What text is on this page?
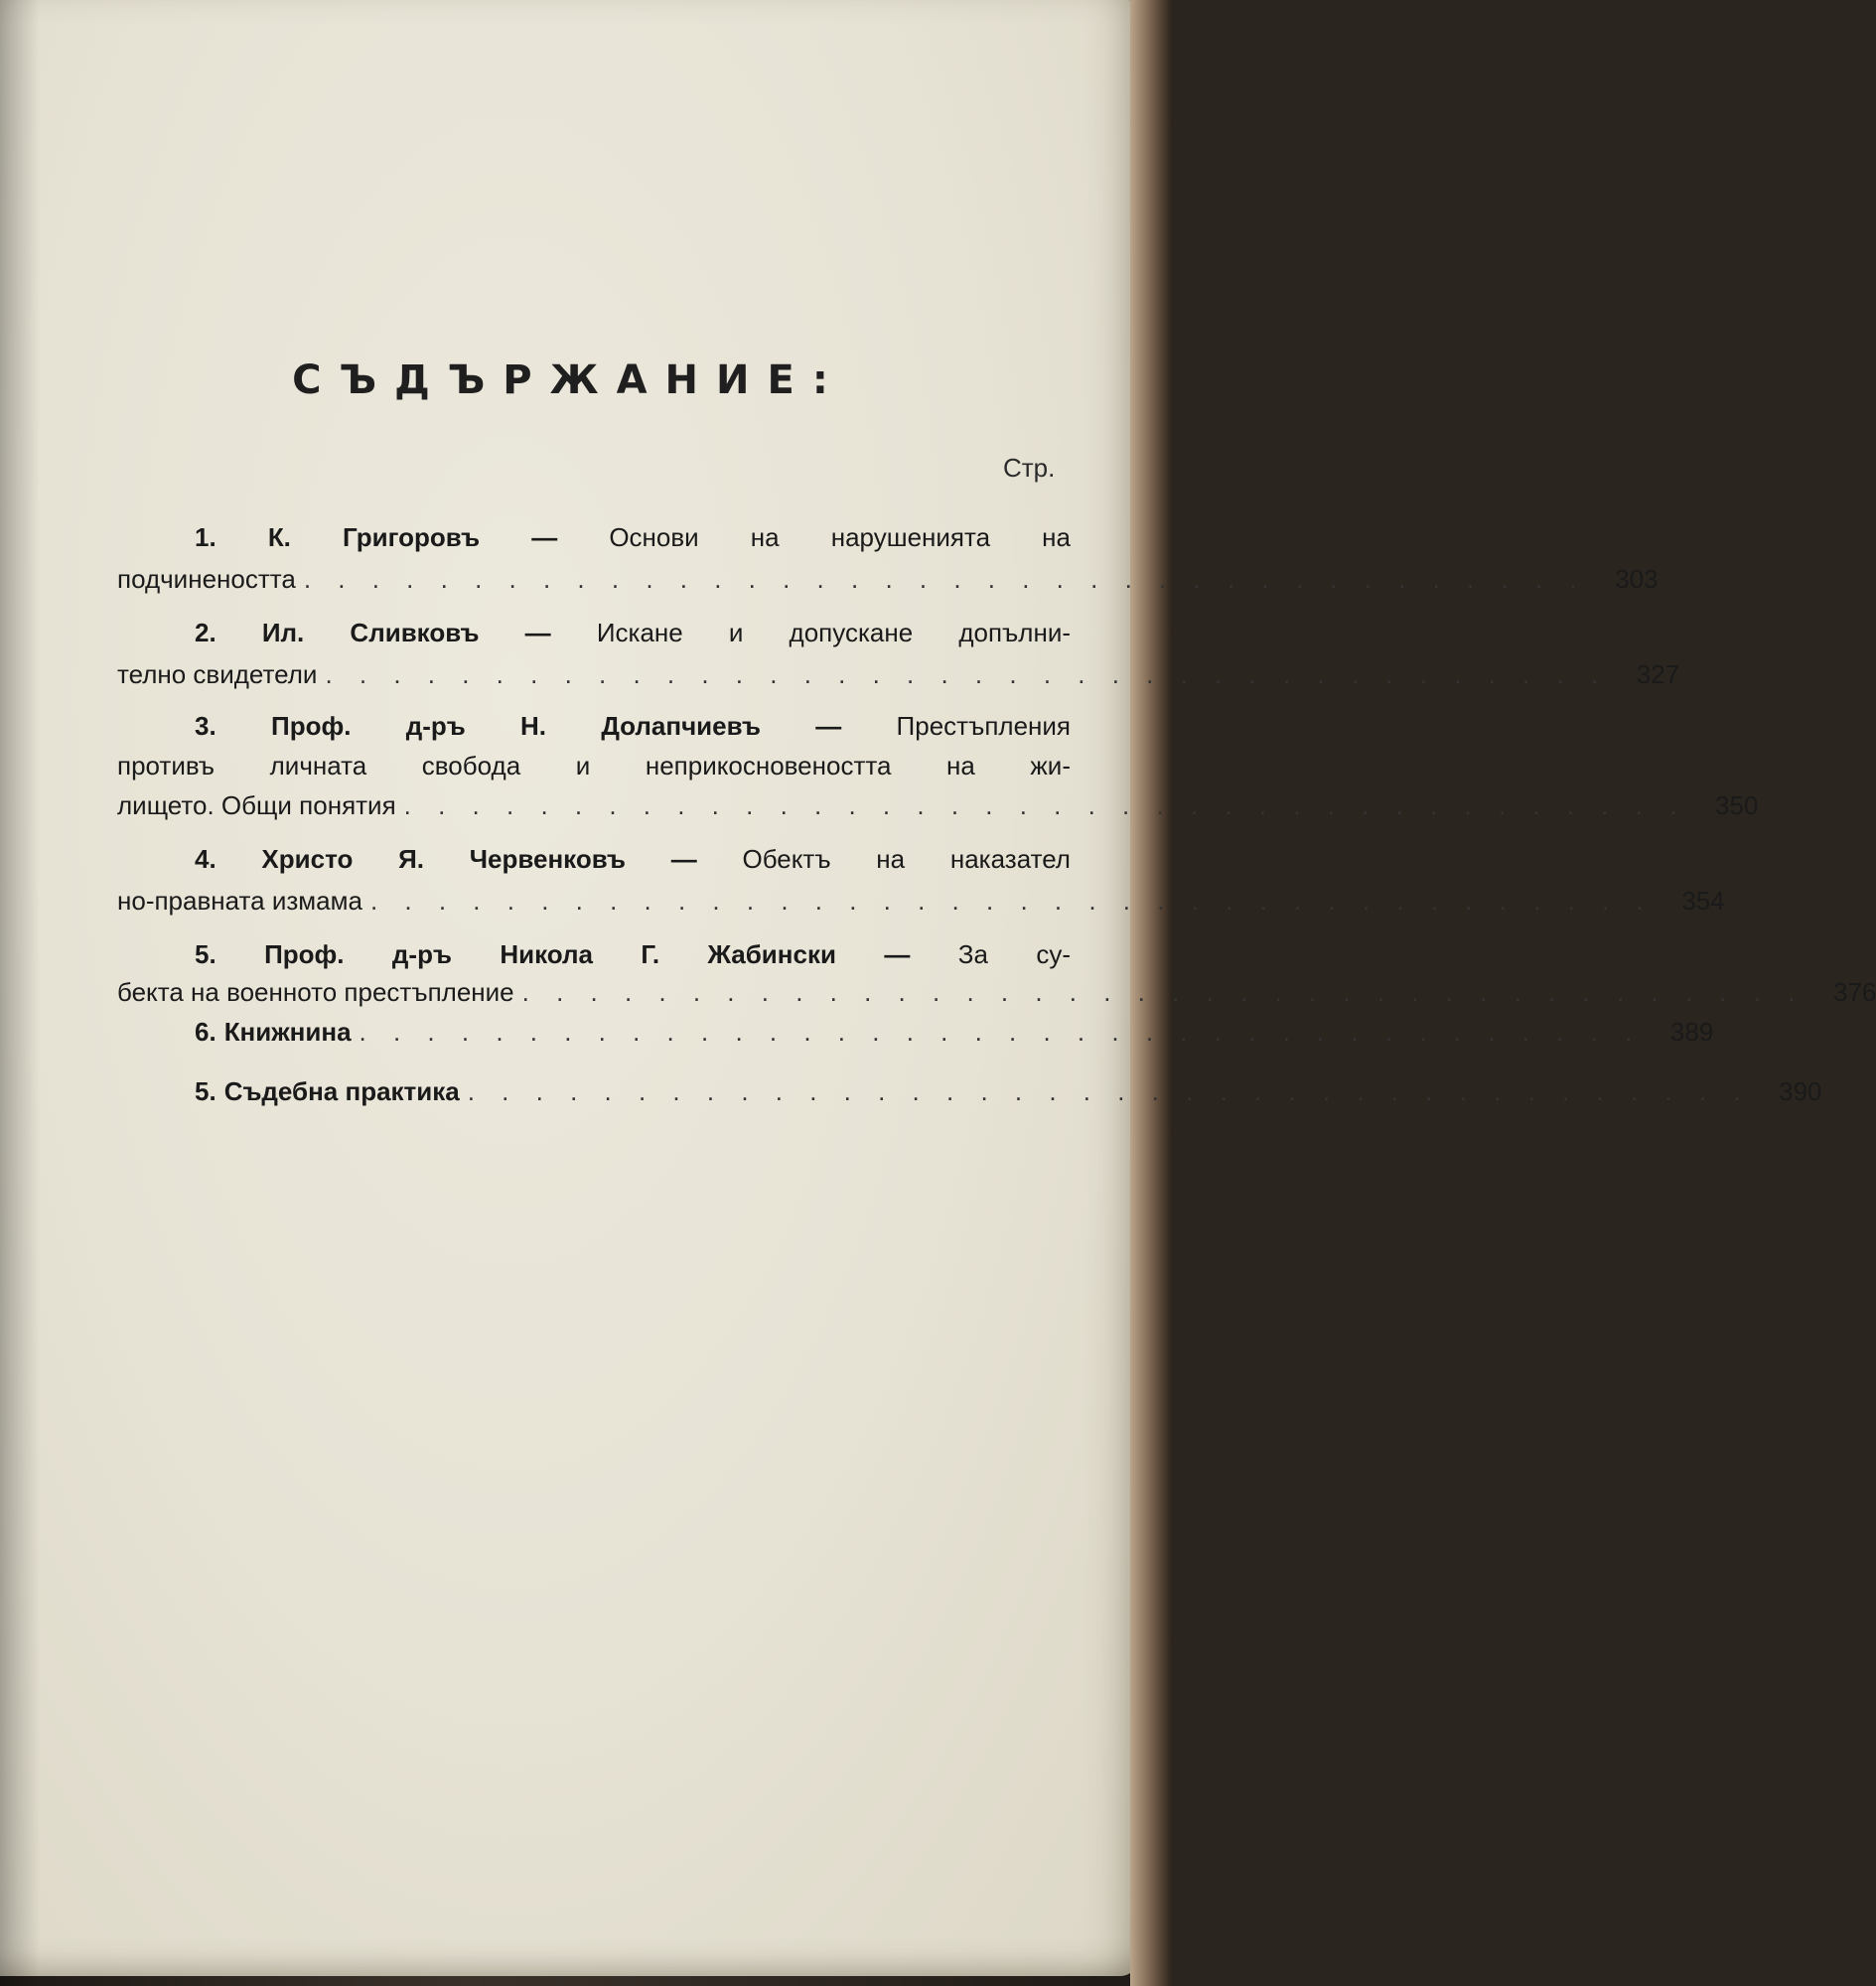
СЪДЪРЖАНИЕ:
Стр.
1. К. Григоровъ — Основи на нарушенията на
подчинеността . . . . . . . . . . . . . . . . . . . . . . . . . . . . . . . . . . . . . .	303
2. Ил. Сливковъ — Искане и допускане допълни-
телно свидетели . . . . . . . . . . . . . . . . . . . . . . . . . . . . . . . . . . . . . .	327
3. Проф. д-ръ Н. Долапчиевъ — Престъпления
противъ личната свобода и неприкосновеността на жи-
лището. Общи понятия . . . . . . . . . . . . . . . . . . . . . . . . . . . . . . . . . . . . . .	350
4. Христо Я. Червенковъ — Обектъ на наказател
но-правната измама . . . . . . . . . . . . . . . . . . . . . . . . . . . . . . . . . . . . . .	354
5. Проф. д-ръ Никола Г. Жабински — За су-
бекта на военното престъпление . . . . . . . . . . . . . . . . . . . . . . . . . . . . . . . . . . . . . .	376
6. Книжнина . . . . . . . . . . . . . . . . . . . . . . . . . . . . . . . . . . . . . .	389
5. Съдебна практика . . . . . . . . . . . . . . . . . . . . . . . . . . . . . . . . . . . . . .	390
